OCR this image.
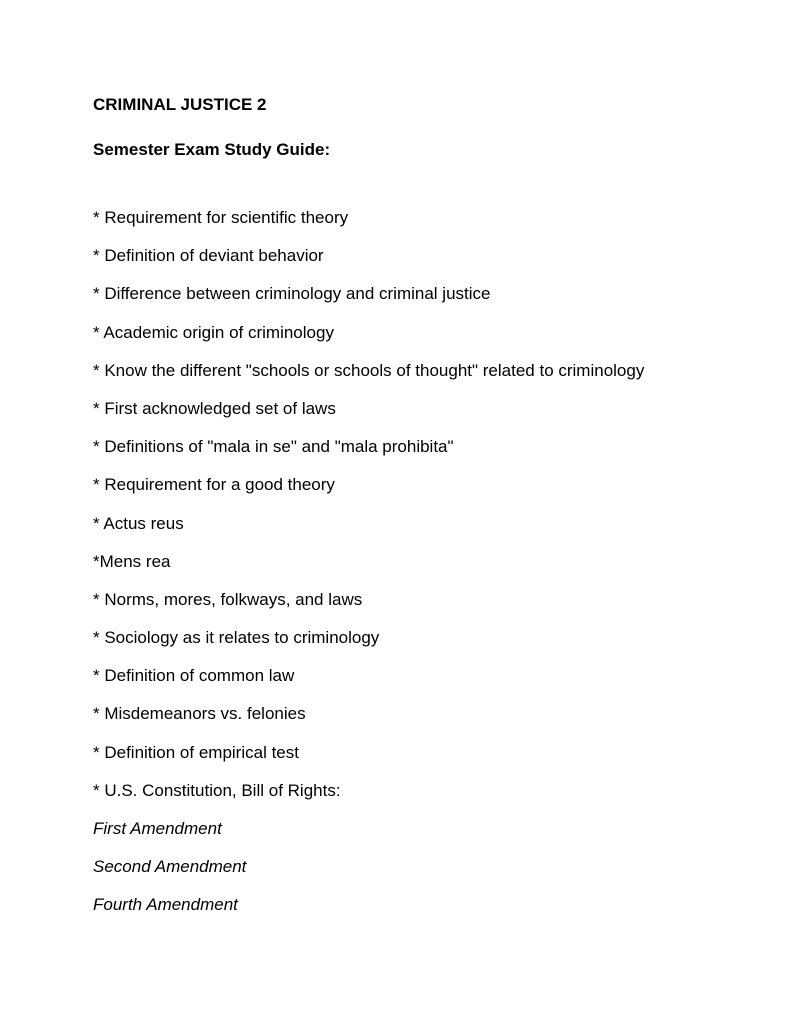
CRIMINAL JUSTICE 2
Semester Exam Study Guide:
* Requirement for scientific theory
* Definition of deviant behavior
* Difference between criminology and criminal justice
* Academic origin of criminology
* Know the different "schools or schools of thought" related to criminology
* First acknowledged set of laws
* Definitions of "mala in se" and "mala prohibita"
* Requirement for a good theory
* Actus reus
*Mens rea
* Norms, mores, folkways, and laws
* Sociology as it relates to criminology
* Definition of common law
* Misdemeanors vs. felonies
* Definition of empirical test
* U.S. Constitution, Bill of Rights:
First Amendment
Second Amendment
Fourth Amendment
